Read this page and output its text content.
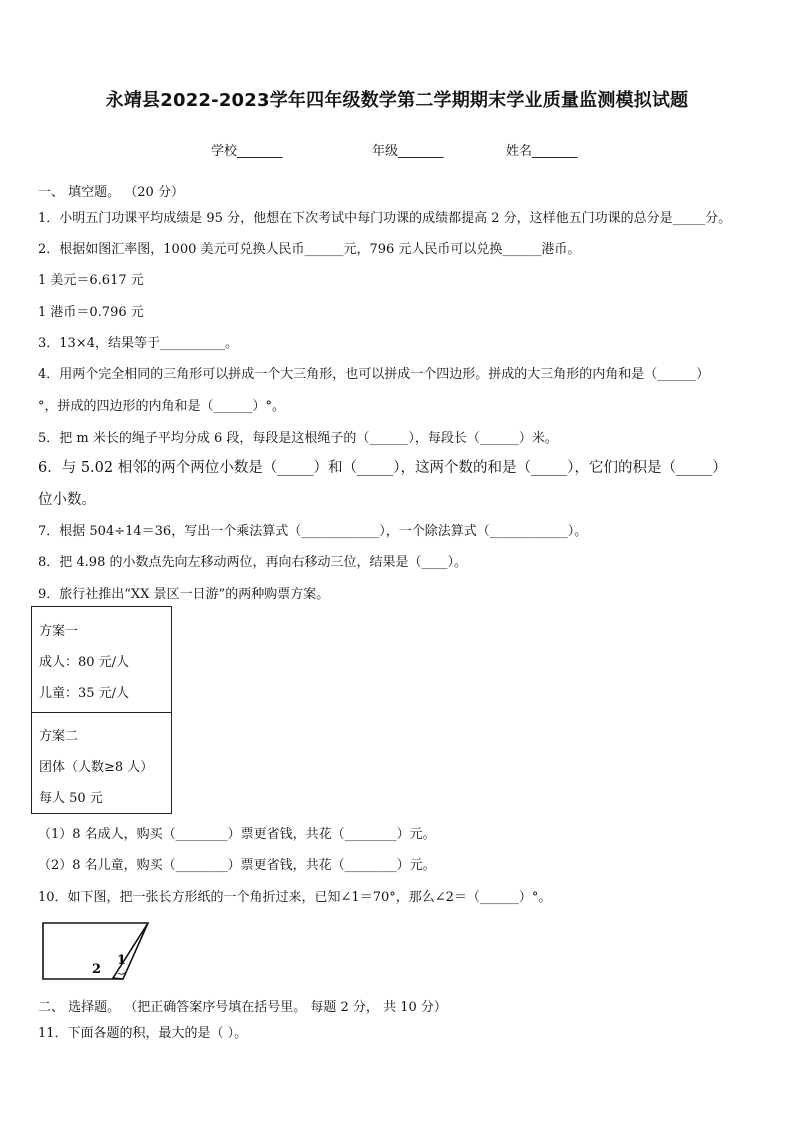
永靖县2022-2023学年四年级数学第二学期期末学业质量监测模拟试题
学校_______	年级_______	姓名_______
一、 填空题。 （20 分）
1．小明五门功课平均成绩是 95 分，他想在下次考试中每门功课的成绩都提高 2 分，这样他五门功课的总分是_____分。
2．根据如图汇率图，1000 美元可兑换人民币______元，796 元人民币可以兑换______港币。
1 美元＝6.617 元
1 港币＝0.796 元
3．13×4，结果等于__________。
4．用两个完全相同的三角形可以拼成一个大三角形，也可以拼成一个四边形。拼成的大三角形的内角和是（______）
°，拼成的四边形的内角和是（______）°。
5．把 m 米长的绳子平均分成 6 段，每段是这根绳子的（______），每段长（______）米。
6．与 5.02 相邻的两个两位小数是（_____）和（_____），这两个数的和是（_____），它们的积是（_____）
位小数。
7．根据 504÷14＝36，写出一个乘法算式（____________），一个除法算式（____________）。
8．把 4.98 的小数点先向左移动两位，再向右移动三位，结果是（____）。
9．旅行社推出“XX 景区一日游”的两种购票方案。
方案一
成人：80 元/人
儿童：35 元/人
方案二
团体（人数≥8 人）
每人 50 元
（1）8 名成人，购买（________）票更省钱，共花（________）元。
（2）8 名儿童，购买（________）票更省钱，共花（________）元。
10．如下图，把一张长方形纸的一个角折过来，已知∠1＝70°，那么∠2＝（______）°。
2
1
二、 选择题。 （把正确答案序号填在括号里。 每题 2 分， 共 10 分）
11．下面各题的积，最大的是（ ）。
